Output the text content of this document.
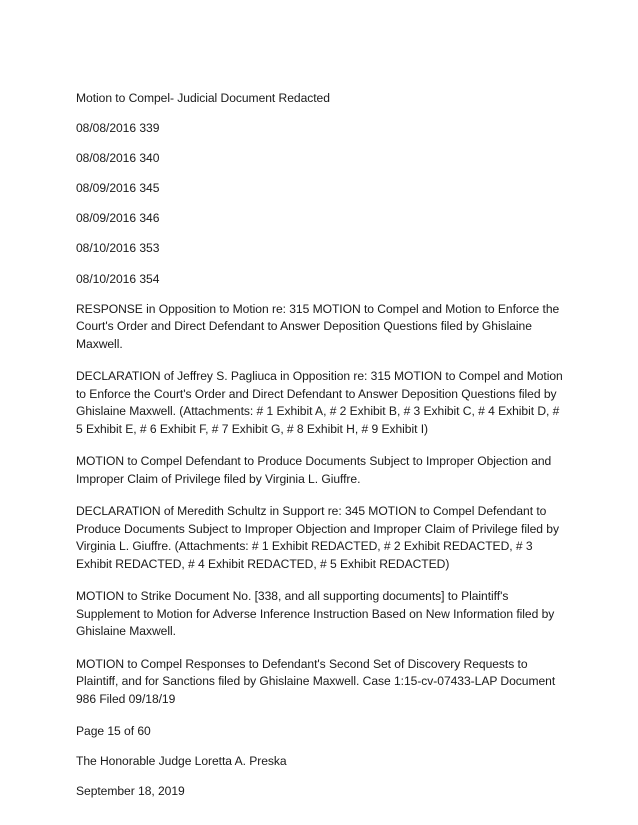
Motion to Compel- Judicial Document Redacted

08/08/2016 339

08/08/2016 340

08/09/2016 345

08/09/2016 346

08/10/2016 353

08/10/2016 354

RESPONSE in Opposition to Motion re: 315 MOTION to Compel and Motion to Enforce the Court's Order and Direct Defendant to Answer Deposition Questions filed by Ghislaine Maxwell.

DECLARATION of Jeffrey S. Pagliuca in Opposition re: 315 MOTION to Compel and Motion to Enforce the Court's Order and Direct Defendant to Answer Deposition Questions filed by Ghislaine Maxwell. (Attachments: # 1 Exhibit A, # 2 Exhibit B, # 3 Exhibit C, # 4 Exhibit D, # 5 Exhibit E, # 6 Exhibit F, # 7 Exhibit G, # 8 Exhibit H, # 9 Exhibit I)

MOTION to Compel Defendant to Produce Documents Subject to Improper Objection and Improper Claim of Privilege filed by Virginia L. Giuffre.

DECLARATION of Meredith Schultz in Support re: 345 MOTION to Compel Defendant to Produce Documents Subject to Improper Objection and Improper Claim of Privilege filed by Virginia L. Giuffre. (Attachments: # 1 Exhibit REDACTED, # 2 Exhibit REDACTED, # 3 Exhibit REDACTED, # 4 Exhibit REDACTED, # 5 Exhibit REDACTED)

MOTION to Strike Document No. [338, and all supporting documents] to Plaintiff's Supplement to Motion for Adverse Inference Instruction Based on New Information filed by Ghislaine Maxwell.

MOTION to Compel Responses to Defendant's Second Set of Discovery Requests to Plaintiff, and for Sanctions filed by Ghislaine Maxwell. Case 1:15-cv-07433-LAP Document 986 Filed 09/18/19

Page 15 of 60

The Honorable Judge Loretta A. Preska

September 18, 2019
